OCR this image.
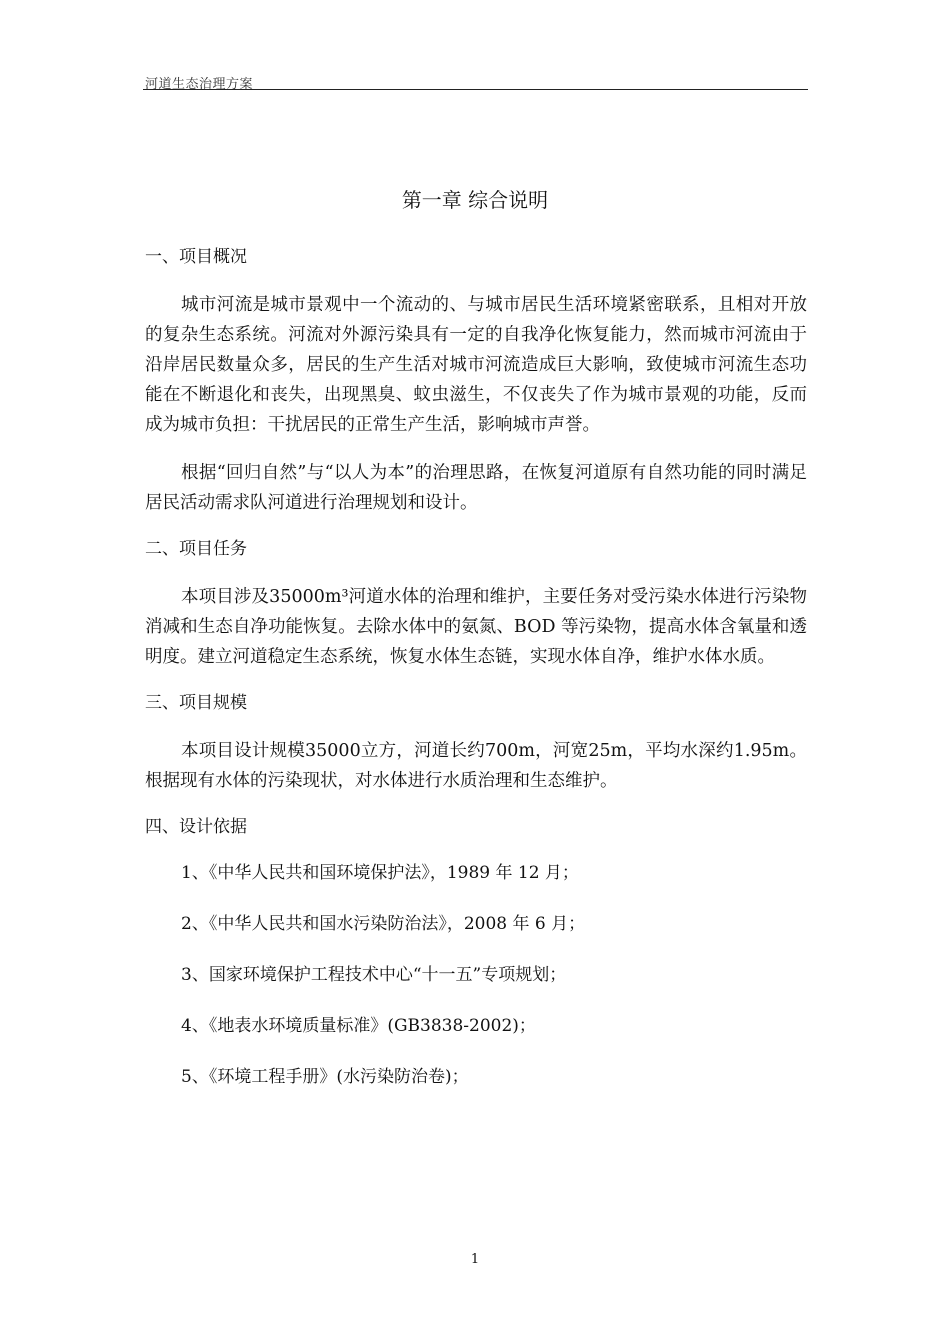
河道生态治理方案
第一章 综合说明
一、项目概况

城市河流是城市景观中一个流动的、与城市居民生活环境紧密联系，且相对开放的复杂生态系统。河流对外源污染具有一定的自我净化恢复能力，然而城市河流由于沿岸居民数量众多，居民的生产生活对城市河流造成巨大影响，致使城市河流生态功能在不断退化和丧失，出现黑臭、蚊虫滋生，不仅丧失了作为城市景观的功能，反而成为城市负担：干扰居民的正常生产生活，影响城市声誉。

根据“回归自然”与“以人为本”的治理思路，在恢复河道原有自然功能的同时满足居民活动需求队河道进行治理规划和设计。

二、项目任务

本项目涉及35000m³河道水体的治理和维护，主要任务对受污染水体进行污染物消减和生态自净功能恢复。去除水体中的氨氮、BOD 等污染物，提高水体含氧量和透明度。建立河道稳定生态系统，恢复水体生态链，实现水体自净，维护水体水质。

三、项目规模

本项目设计规模35000立方，河道长约700m，河宽25m，平均水深约1.95m。根据现有水体的污染现状，对水体进行水质治理和生态维护。

四、设计依据
1、《中华人民共和国环境保护法》，1989 年 12 月；
2、《中华人民共和国水污染防治法》，2008 年 6 月；
3、国家环境保护工程技术中心“十一五”专项规划；
4、《地表水环境质量标准》(GB3838-2002)；
5、《环境工程手册》(水污染防治卷)；
1
